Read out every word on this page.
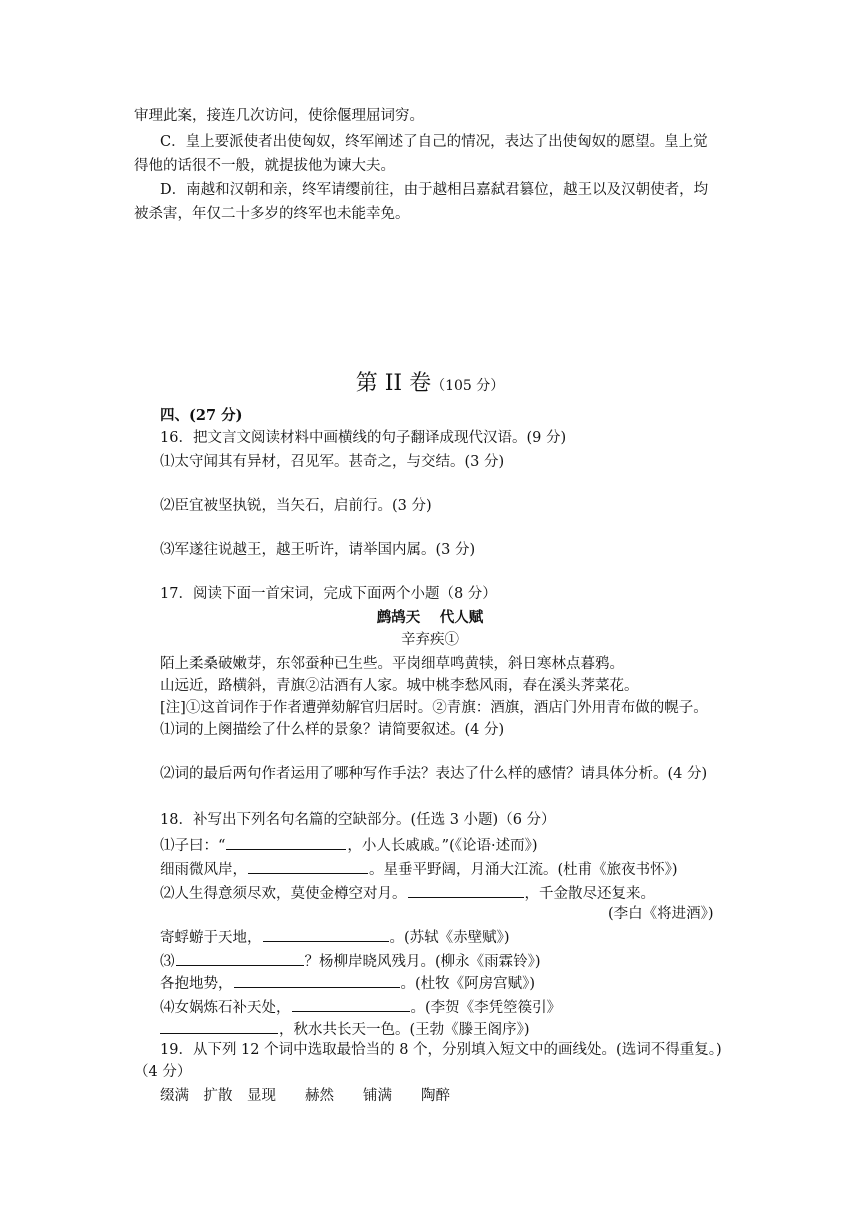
审理此案，接连几次访问，使徐偃理屈词穷。
C．皇上要派使者出使匈奴，终军阐述了自己的情况，表达了出使匈奴的愿望。皇上觉
得他的话很不一般，就提拔他为谏大夫。
D．南越和汉朝和亲，终军请缨前往，由于越相吕嘉弑君篡位，越王以及汉朝使者，均
被杀害，年仅二十多岁的终军也未能幸免。
第 II 卷（105 分）
四、(27 分)
16．把文言文阅读材料中画横线的句子翻译成现代汉语。(9 分)
⑴太守闻其有异材，召见军。甚奇之，与交结。(3 分)
⑵臣宜被坚执锐，当矢石，启前行。(3 分)
⑶军遂往说越王，越王听许，请举国内属。(3 分)
17．阅读下面一首宋词，完成下面两个小题（8 分）
鹧鸪天　 代人赋
辛弃疾①
陌上柔桑破嫩芽，东邻蚕种已生些。平岗细草鸣黄犊，斜日寒林点暮鸦。
山远近，路横斜，青旗②沽酒有人家。城中桃李愁风雨，春在溪头荠菜花。
[注]①这首词作于作者遭弹劾解官归居时。②青旗：酒旗，酒店门外用青布做的幌子。
⑴词的上阕描绘了什么样的景象？请简要叙述。(4 分)
⑵词的最后两句作者运用了哪种写作手法？表达了什么样的感情？请具体分析。(4 分)
18．补写出下列名句名篇的空缺部分。(任选 3 小题)（6 分）
⑴子曰：“	，小人长戚戚。”(《论语·述而》)
细雨微风岸，	。星垂平野阔，月涌大江流。(杜甫《旅夜书怀》)
⑵人生得意须尽欢，莫使金樽空对月。	，千金散尽还复来。
(李白《将进酒》)
寄蜉蝣于天地，	。(苏轼《赤壁赋》)
⑶	？杨柳岸晓风残月。(柳永《雨霖铃》)
各抱地势，	。(杜牧《阿房宫赋》)
⑷女娲炼石补天处，	。(李贺《李凭箜篌引》
，秋水共长天一色。(王勃《滕王阁序》)
19．从下列 12 个词中选取最恰当的 8 个，分别填入短文中的画线处。(选词不得重复。)
（4 分）
缀满　扩散　显现　　赫然　　铺满　　陶醉
